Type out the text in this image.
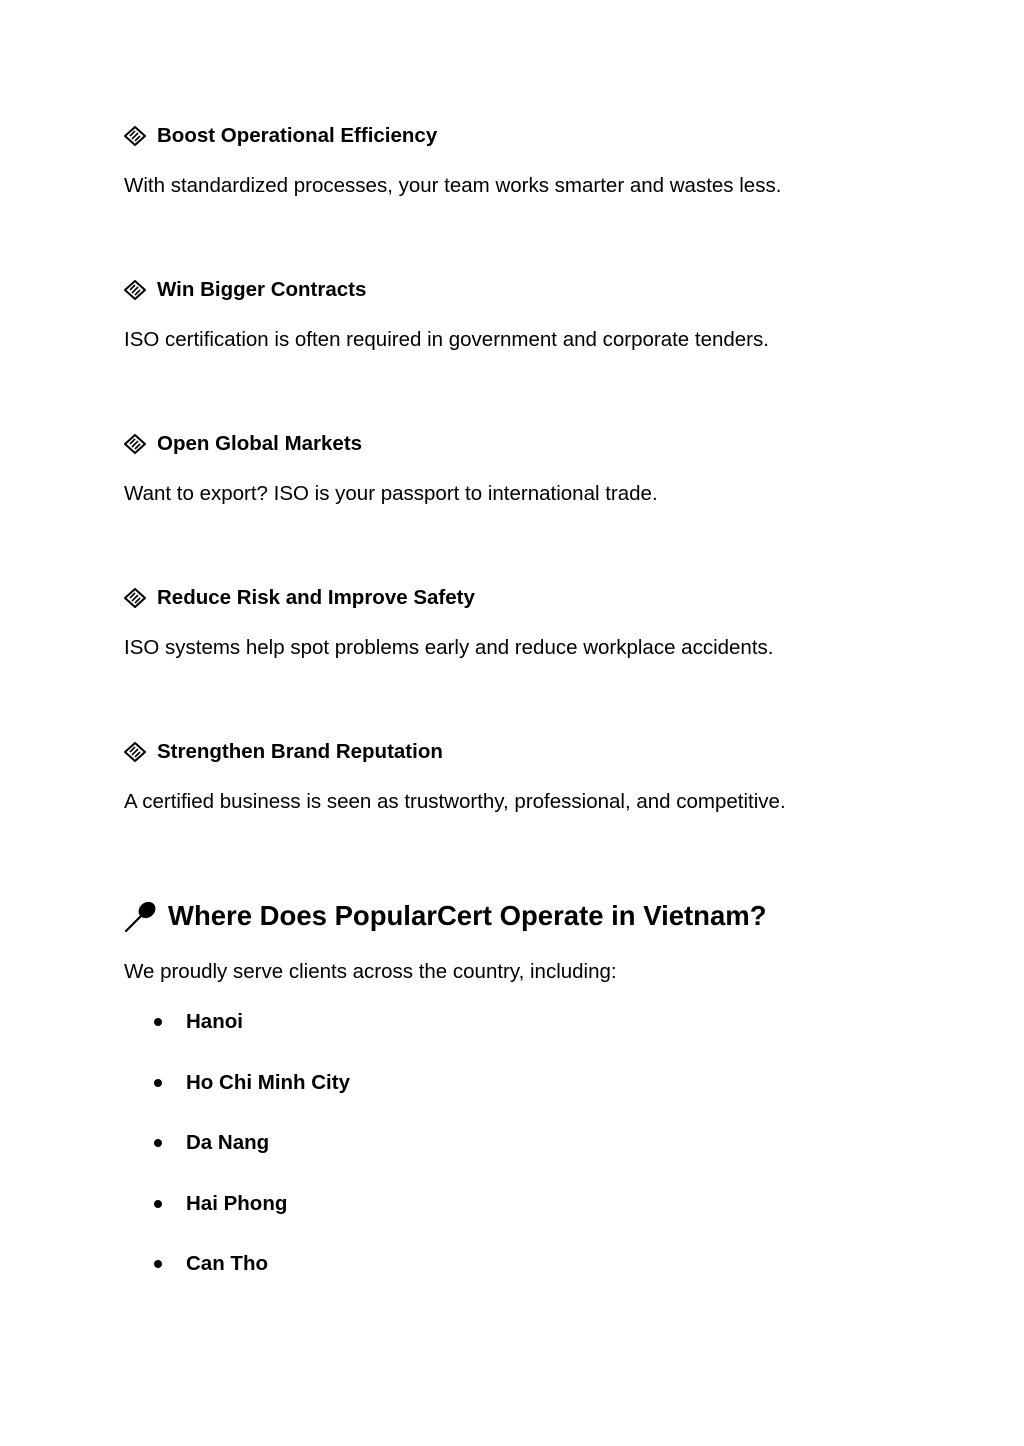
Boost Operational Efficiency
With standardized processes, your team works smarter and wastes less.
Win Bigger Contracts
ISO certification is often required in government and corporate tenders.
Open Global Markets
Want to export? ISO is your passport to international trade.
Reduce Risk and Improve Safety
ISO systems help spot problems early and reduce workplace accidents.
Strengthen Brand Reputation
A certified business is seen as trustworthy, professional, and competitive.
Where Does PopularCert Operate in Vietnam?
We proudly serve clients across the country, including:
Hanoi
Ho Chi Minh City
Da Nang
Hai Phong
Can Tho
